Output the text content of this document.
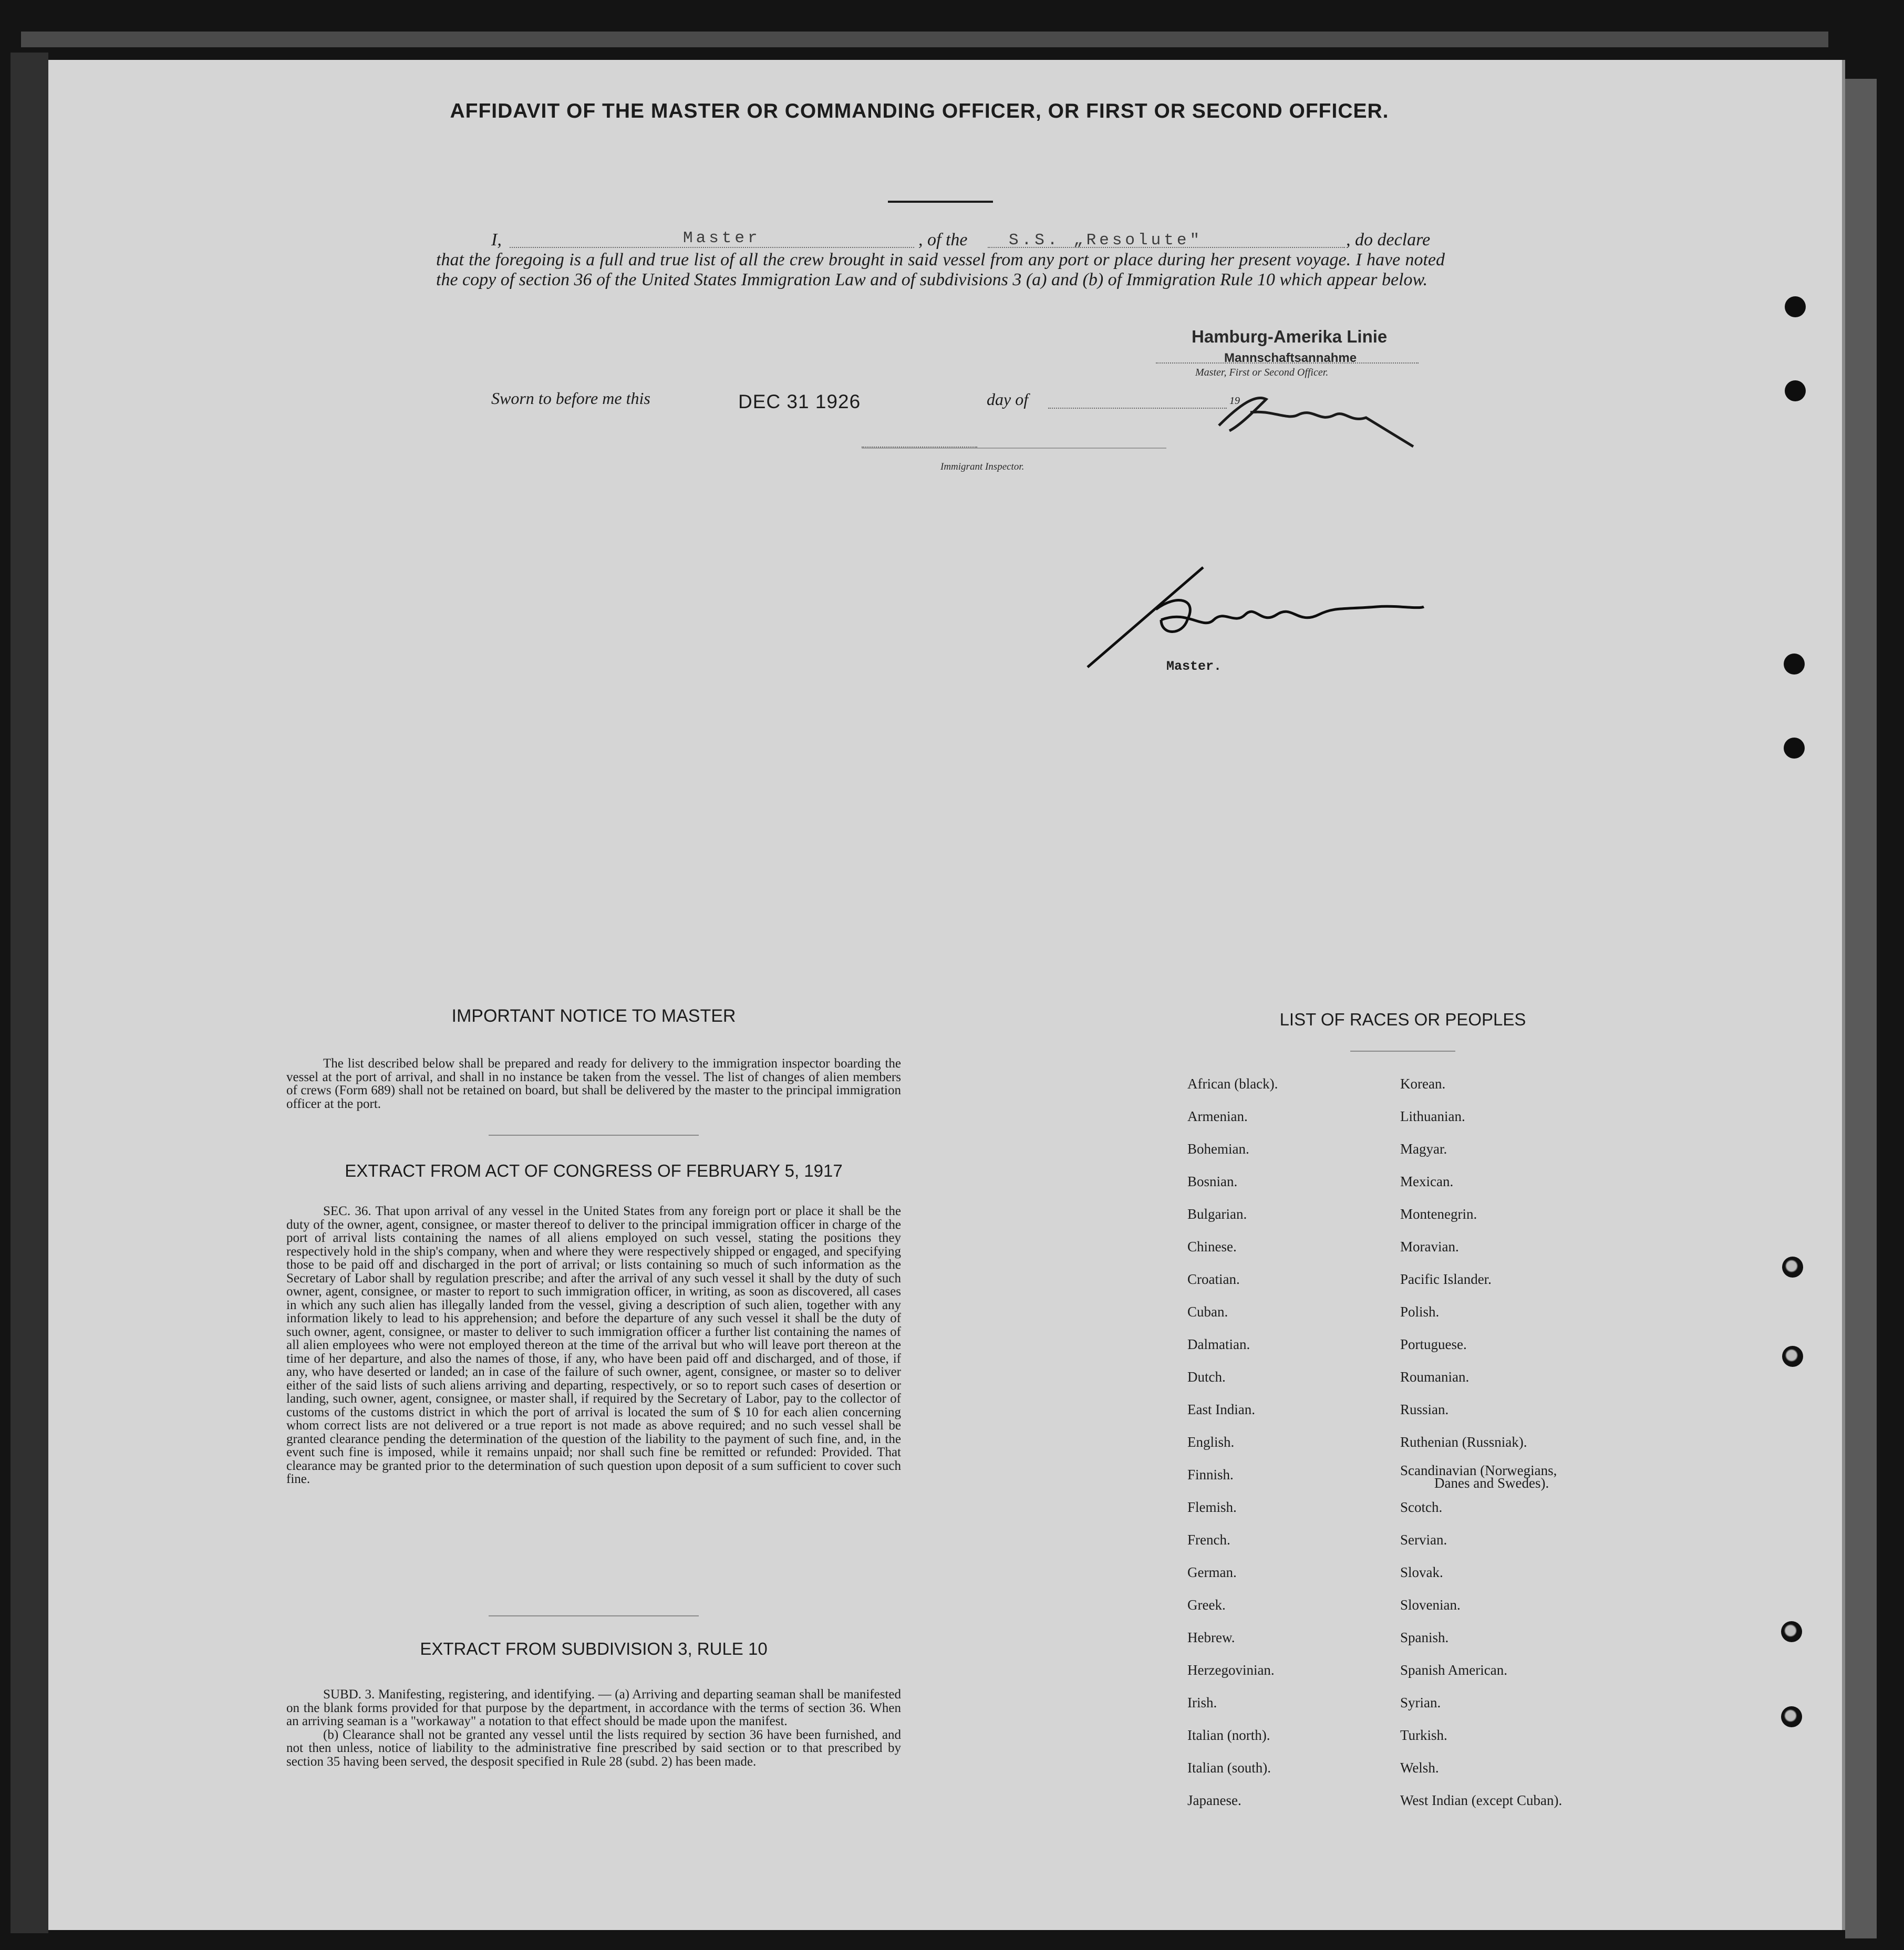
AFFIDAVIT OF THE MASTER OR COMMANDING OFFICER, OR FIRST OR SECOND OFFICER.
I,	Master	, of the	S.S. „Resolute"	, do declare
that the foregoing is a full and true list of all the crew brought in said vessel from any port or place during her present voyage. I have noted the copy of section 36 of the United States Immigration Law and of subdivisions 3 (a) and (b) of Immigration Rule 10 which appear below.
Hamburg-Amerika Linie
Mannschaftsannahme
Master, First or Second Officer.
Sworn to before me this	DEC 31 1926	day of	19
Immigrant Inspector.
Master.
IMPORTANT NOTICE TO MASTER

The list described below shall be prepared and ready for delivery to the immigration inspector boarding the vessel at the port of arrival, and shall in no instance be taken from the vessel. The list of changes of alien members of crews (Form 689) shall not be retained on board, but shall be delivered by the master to the principal immigration officer at the port.

EXTRACT FROM ACT OF CONGRESS OF FEBRUARY 5, 1917

SEC. 36. That upon arrival of any vessel in the United States from any foreign port or place it shall be the duty of the owner, agent, consignee, or master thereof to deliver to the principal immigration officer in charge of the port of arrival lists containing the names of all aliens employed on such vessel, stating the positions they respectively hold in the ship's company, when and where they were respectively shipped or engaged, and specifying those to be paid off and discharged in the port of arrival; or lists containing so much of such information as the Secretary of Labor shall by regulation prescribe; and after the arrival of any such vessel it shall by the duty of such owner, agent, consignee, or master to report to such immigration officer, in writing, as soon as discovered, all cases in which any such alien has illegally landed from the vessel, giving a description of such alien, together with any information likely to lead to his apprehension; and before the departure of any such vessel it shall be the duty of such owner, agent, consignee, or master to deliver to such immigration officer a further list containing the names of all alien employees who were not employed thereon at the time of the arrival but who will leave port thereon at the time of her departure, and also the names of those, if any, who have been paid off and discharged, and of those, if any, who have deserted or landed; an in case of the failure of such owner, agent, consignee, or master so to deliver either of the said lists of such aliens arriving and departing, respectively, or so to report such cases of desertion or landing, such owner, agent, consignee, or master shall, if required by the Secretary of Labor, pay to the collector of customs of the customs district in which the port of arrival is located the sum of $ 10 for each alien concerning whom correct lists are not delivered or a true report is not made as above required; and no such vessel shall be granted clearance pending the determination of the question of the liability to the payment of such fine, and, in the event such fine is imposed, while it remains unpaid; nor shall such fine be remitted or refunded: Provided. That clearance may be granted prior to the determination of such question upon deposit of a sum sufficient to cover such fine.

EXTRACT FROM SUBDIVISION 3, RULE 10

SUBD. 3. Manifesting, registering, and identifying. — (a) Arriving and departing seaman shall be manifested on the blank forms provided for that purpose by the department, in accordance with the terms of section 36. When an arriving seaman is a "workaway" a notation to that effect should be made upon the manifest.

(b) Clearance shall not be granted any vessel until the lists required by section 36 have been furnished, and not then unless, notice of liability to the administrative fine prescribed by said section or to that prescribed by section 35 having been served, the desposit specified in Rule 28 (subd. 2) has been made.

LIST OF RACES OR PEOPLES
African (black).
Armenian.
Bohemian.
Bosnian.
Bulgarian.
Chinese.
Croatian.
Cuban.
Dalmatian.
Dutch.
East Indian.
English.
Finnish.
Flemish.
French.
German.
Greek.
Hebrew.
Herzegovinian.
Irish.
Italian (north).
Italian (south).
Japanese.
Korean.
Lithuanian.
Magyar.
Mexican.
Montenegrin.
Moravian.
Pacific Islander.
Polish.
Portuguese.
Roumanian.
Russian.
Ruthenian (Russniak).
Scandinavian (Norwegians,
Scotch.
Servian.
Slovak.
Slovenian.
Spanish.
Spanish American.
Syrian.
Turkish.
Welsh.
West Indian (except Cuban).
Danes and Swedes).
